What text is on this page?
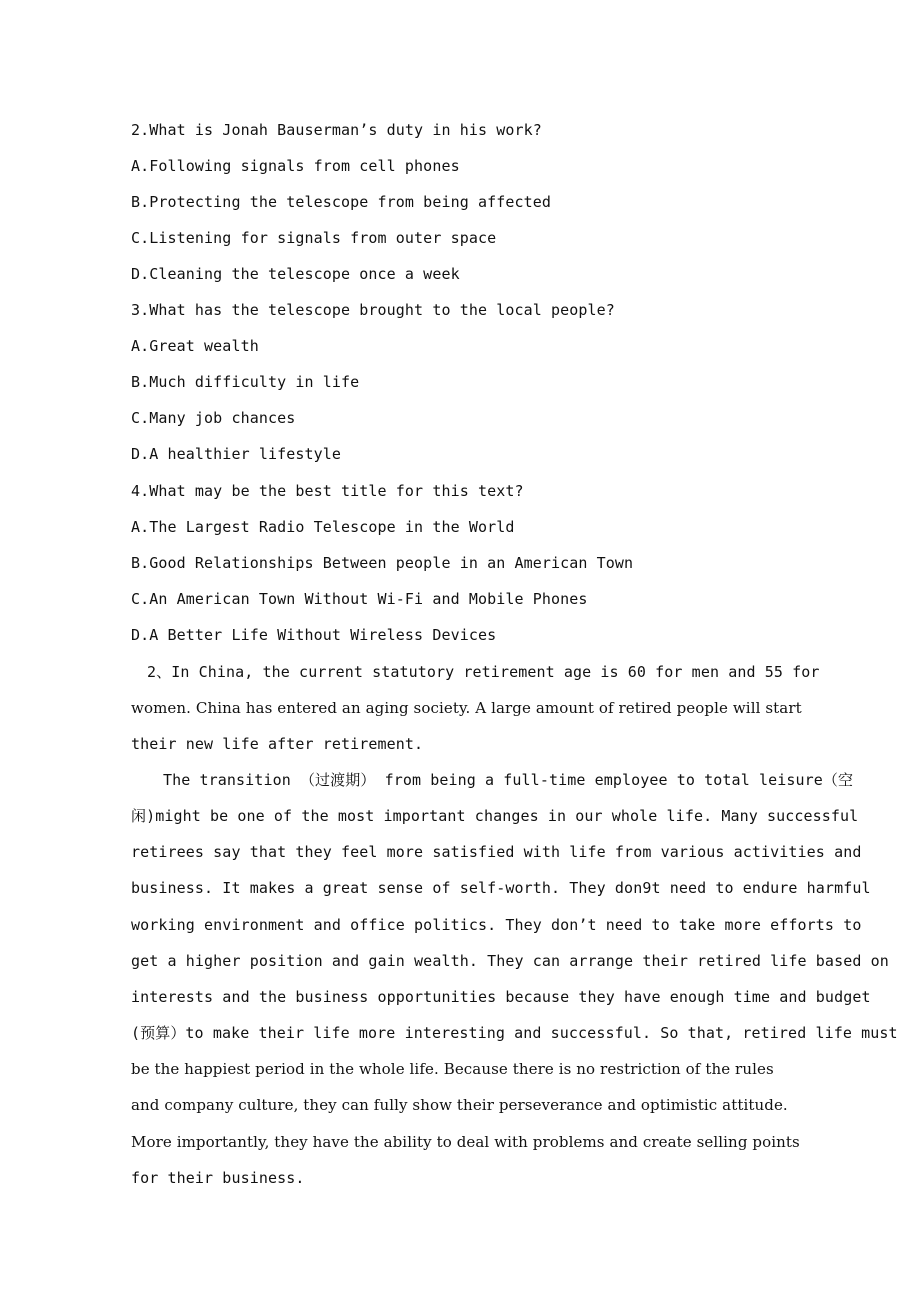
2.What is Jonah Bauserman’s duty in his work?
A.Following signals from cell phones
B.Protecting the telescope from being affected
C.Listening for signals from outer space
D.Cleaning the telescope once a week
3.What has the telescope brought to the local people?
A.Great wealth
B.Much difficulty in life
C.Many job chances
D.A healthier lifestyle
4.What may be the best title for this text?
A.The Largest Radio Telescope in the World
B.Good Relationships Between people in an American Town
C.An American Town Without Wi-Fi and Mobile Phones
D.A Better Life Without Wireless Devices
2、In China, the current statutory retirement age is 60 for men and 55 for
women. China has entered an aging society. A large amount of retired people will start
their new life after retirement.
The transition （过渡期） from being a full-time employee to total leisure（空
闲)might be one of the most important changes in our whole life. Many successful
retirees say that they feel more satisfied with life from various activities and
business. It makes a great sense of self-worth. They don9t need to endure harmful
working environment and office politics. They don’t need to take more efforts to
get a higher position and gain wealth. They can arrange their retired life based on
interests and the business opportunities because they have enough time and budget
(预算）to make their life more interesting and successful. So that, retired life must
be the happiest period in the whole life. Because there is no restriction of the rules
and company culture, they can fully show their perseverance and optimistic attitude.
More importantly, they have the ability to deal with problems and create selling points
for their business.
